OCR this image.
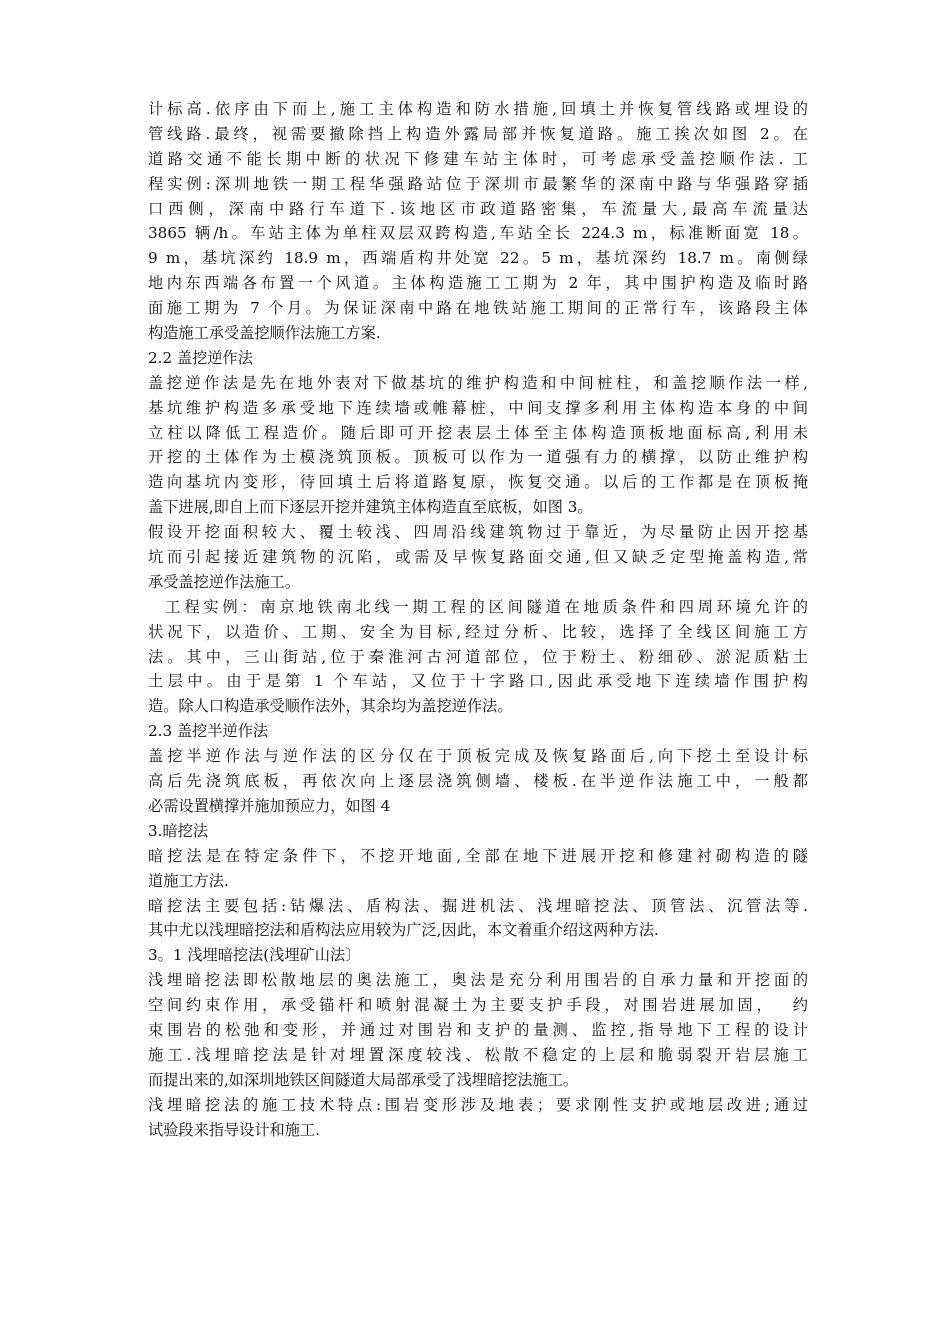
计标高.依序由下而上,施工主体构造和防水措施,回填土并恢复管线路或埋设的
管线路.最终，视需要撤除挡上构造外露局部并恢复道路。施工挨次如图 2。在
道路交通不能长期中断的状况下修建车站主体时，可考虑承受盖挖顺作法. 工
程实例:深圳地铁一期工程华强路站位于深圳市最繁华的深南中路与华强路穿插
口西侧，深南中路行车道下.该地区市政道路密集，车流量大,最高车流量达
3865 辆/h。车站主体为单柱双层双跨构造,车站全长 224.3 m，标准断面宽 18。
9 m，基坑深约 18.9 m，西端盾构井处宽 22。5 m，基坑深约 18.7 m。南侧绿
地内东西端各布置一个风道。主体构造施工工期为 2 年，其中围护构造及临时路
面施工期为 7 个月。为保证深南中路在地铁站施工期间的正常行车，该路段主体
构造施工承受盖挖顺作法施工方案.
2.2 盖挖逆作法
盖挖逆作法是先在地外表对下做基坑的维护构造和中间桩柱，和盖挖顺作法一样,
基坑维护构造多承受地下连续墙或帷幕桩，中间支撑多利用主体构造本身的中间
立柱以降低工程造价。随后即可开挖表层土体至主体构造顶板地面标高,利用未
开挖的土体作为土模浇筑顶板。顶板可以作为一道强有力的横撑，以防止维护构
造向基坑内变形，待回填土后将道路复原，恢复交通。以后的工作都是在顶板掩
盖下进展,即自上而下逐层开挖并建筑主体构造直至底板，如图 3。
假设开挖面积较大、覆土较浅、四周沿线建筑物过于靠近，为尽量防止因开挖基
坑而引起接近建筑物的沉陷，或需及早恢复路面交通,但又缺乏定型掩盖构造,常
承受盖挖逆作法施工。
工程实例：南京地铁南北线一期工程的区间隧道在地质条件和四周环境允许的
状况下，以造价、工期、安全为目标,经过分析、比较，选择了全线区间施工方
法。其中，三山街站,位于秦淮河古河道部位，位于粉土、粉细砂、淤泥质粘土
土层中。由于是第 1 个车站，又位于十字路口,因此承受地下连续墙作围护构
造。除人口构造承受顺作法外，其余均为盖挖逆作法。
2.3 盖挖半逆作法
盖挖半逆作法与逆作法的区分仅在于顶板完成及恢复路面后,向下挖土至设计标
高后先浇筑底板，再依次向上逐层浇筑侧墙、楼板.在半逆作法施工中，一般都
必需设置横撑并施加预应力，如图 4
3.暗挖法
暗挖法是在特定条件下，不挖开地面,全部在地下进展开挖和修建衬砌构造的隧
道施工方法.
暗挖法主要包括:钻爆法、盾构法、掘进机法、浅埋暗挖法、顶管法、沉管法等.
其中尤以浅埋暗挖法和盾构法应用较为广泛,因此，本文着重介绍这两种方法.
3。1 浅埋暗挖法(浅埋矿山法〕
浅埋暗挖法即松散地层的奥法施工，奥法是充分利用围岩的自承力量和开挖面的
空间约束作用，承受锚杆和喷射混凝土为主要支护手段，对围岩进展加固，  约
束围岩的松弛和变形，并通过对围岩和支护的量测、监控,指导地下工程的设计
施工.浅埋暗挖法是针对埋置深度较浅、松散不稳定的上层和脆弱裂开岩层施工
而提出来的,如深圳地铁区间隧道大局部承受了浅埋暗挖法施工。
浅埋暗挖法的施工技术特点:围岩变形涉及地表；要求刚性支护或地层改进;通过
试验段来指导设计和施工.
